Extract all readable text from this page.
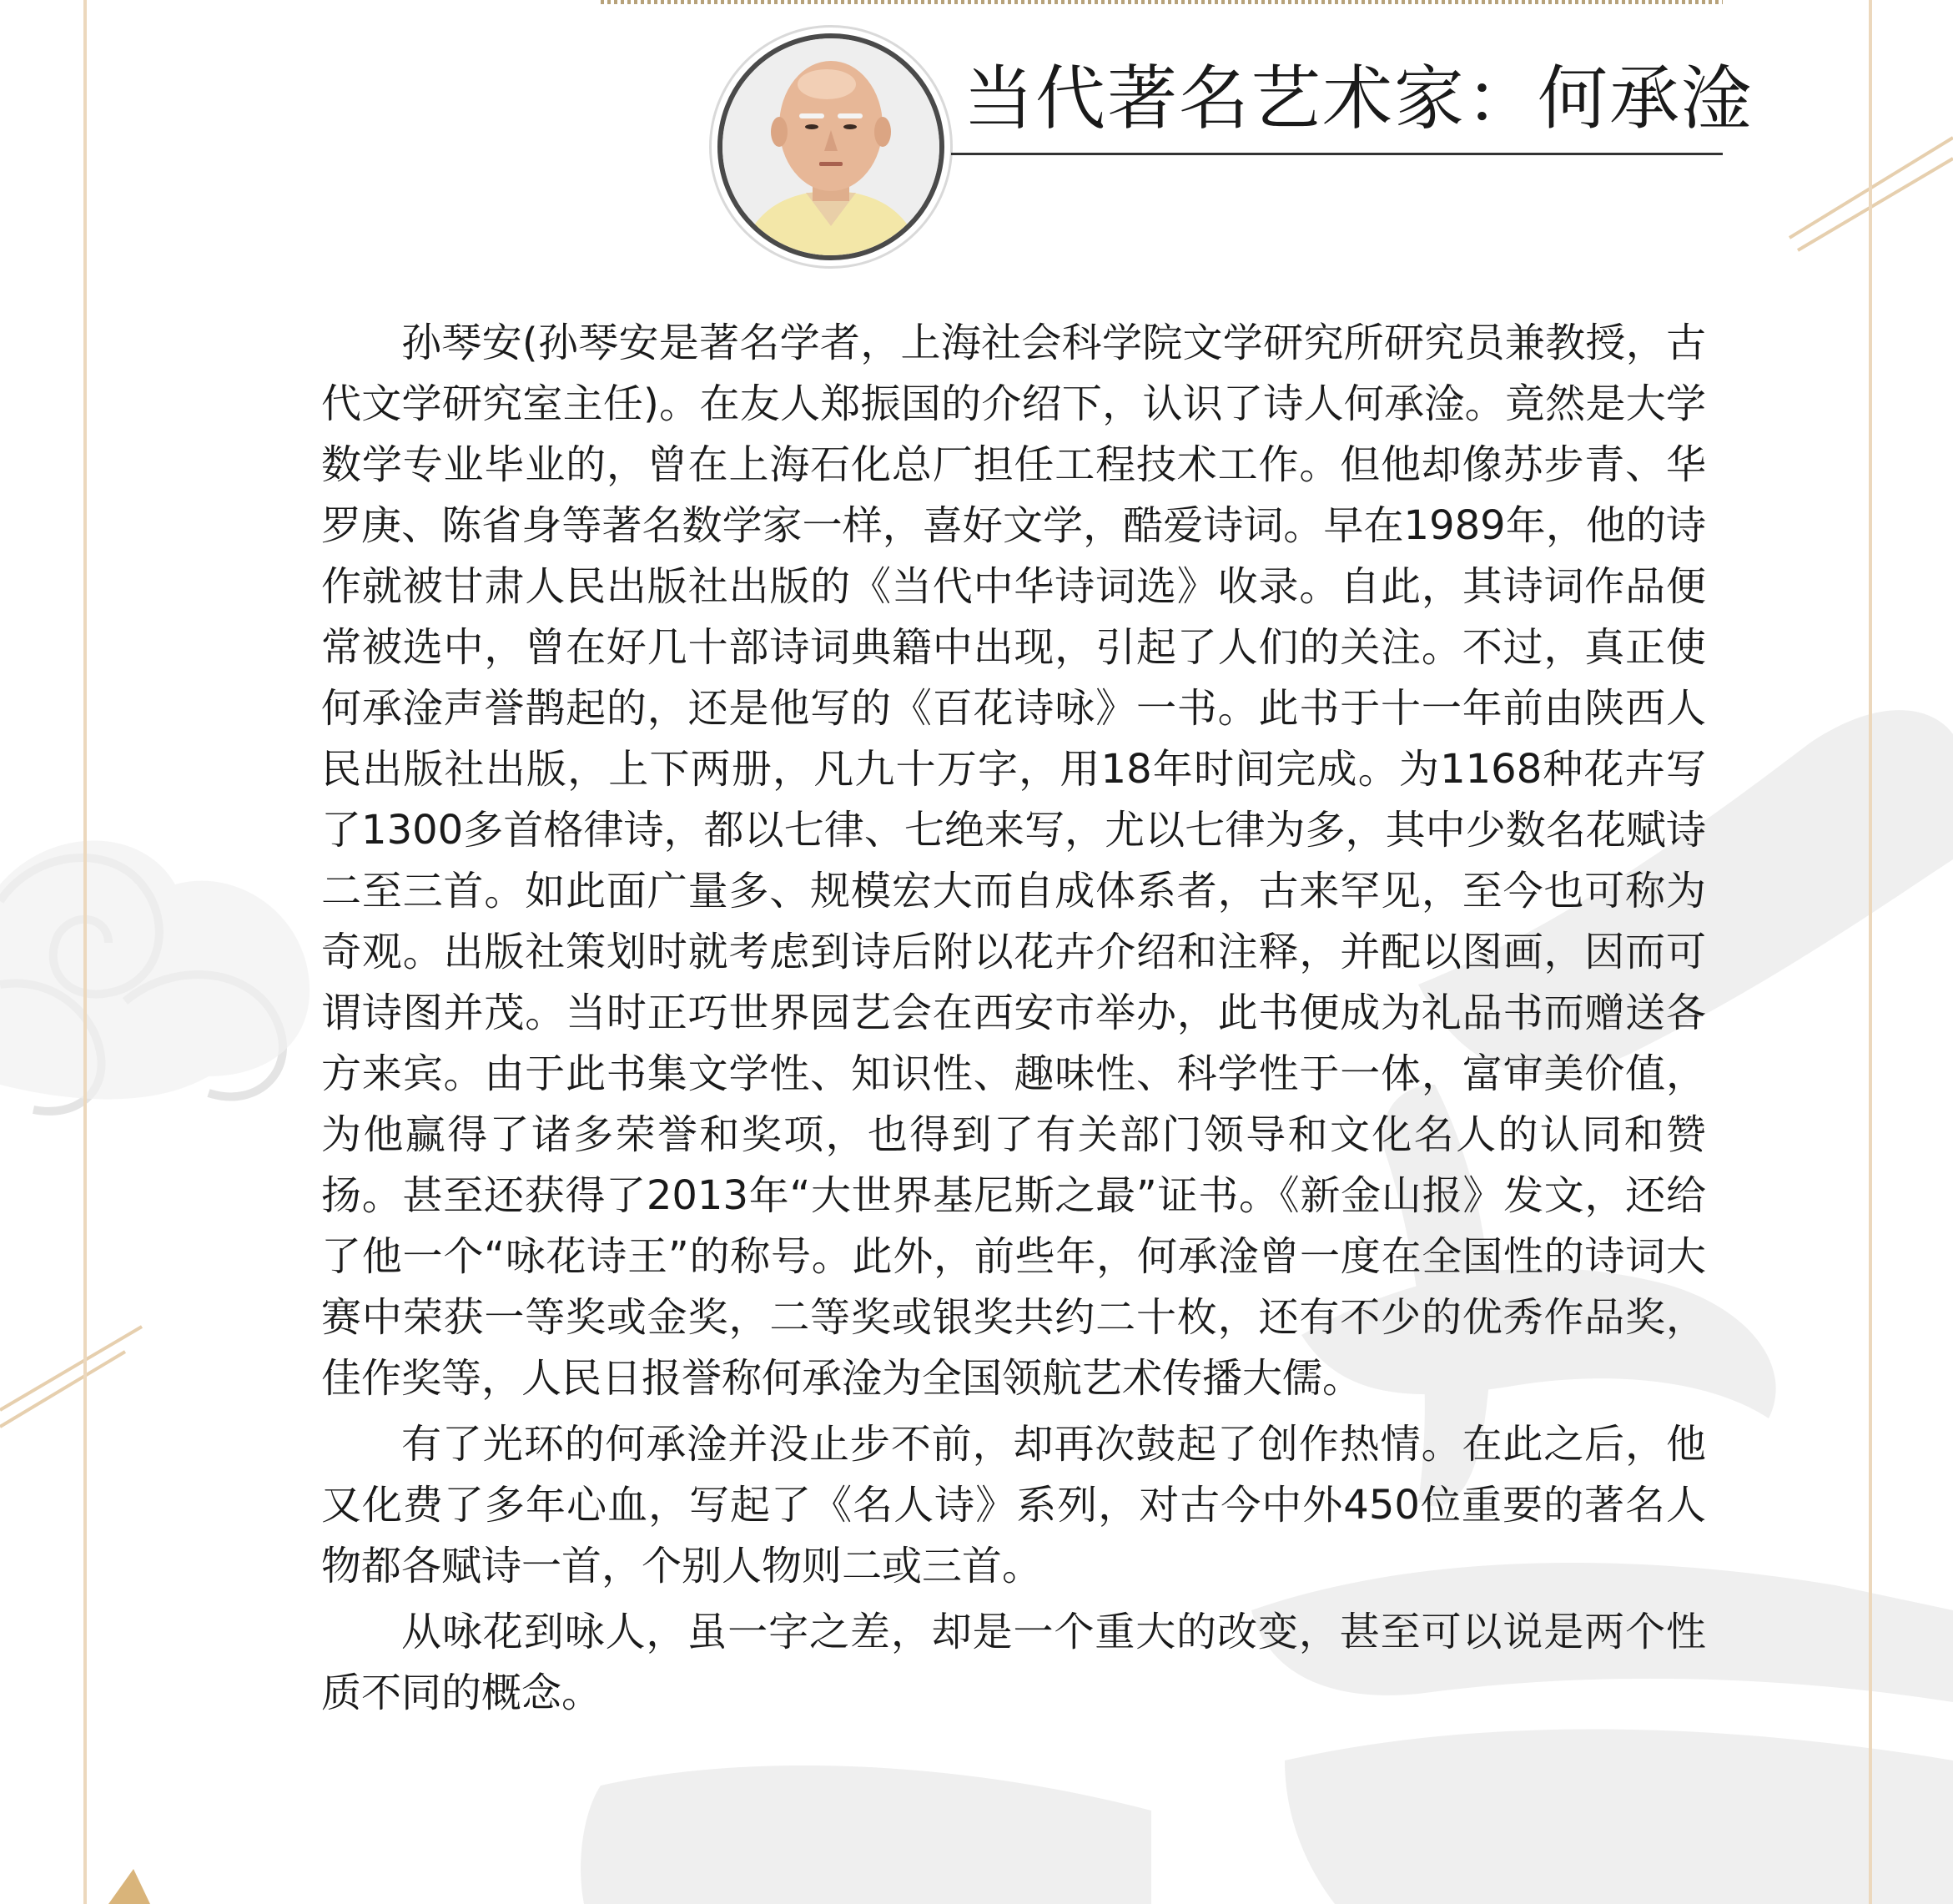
当代著名艺术家：何承淦

孙琴安(孙琴安是著名学者，上海社会科学院文学研究所研究员兼教授，古代文学研究室主任)。在友人郑振国的介绍下，认识了诗人何承淦。竟然是大学数学专业毕业的，曾在上海石化总厂担任工程技术工作。但他却像苏步青、华罗庚、陈省身等著名数学家一样，喜好文学，酷爱诗词。早在1989年，他的诗作就被甘肃人民出版社出版的《当代中华诗词选》收录。自此，其诗词作品便常被选中，曾在好几十部诗词典籍中出现，引起了人们的关注。不过，真正使何承淦声誉鹊起的，还是他写的《百花诗咏》一书。此书于十一年前由陕西人民出版社出版，上下两册，凡九十万字，用18年时间完成。为1168种花卉写了1300多首格律诗，都以七律、七绝来写，尤以七律为多，其中少数名花赋诗二至三首。如此面广量多、规模宏大而自成体系者，古来罕见，至今也可称为奇观。出版社策划时就考虑到诗后附以花卉介绍和注释，并配以图画，因而可谓诗图并茂。当时正巧世界园艺会在西安市举办，此书便成为礼品书而赠送各方来宾。由于此书集文学性、知识性、趣味性、科学性于一体，富审美价值，为他赢得了诸多荣誉和奖项，也得到了有关部门领导和文化名人的认同和赞扬。甚至还获得了2013年“大世界基尼斯之最”证书。《新金山报》发文，还给了他一个“咏花诗王”的称号。此外，前些年，何承淦曾一度在全国性的诗词大赛中荣获一等奖或金奖，二等奖或银奖共约二十枚，还有不少的优秀作品奖，佳作奖等，人民日报誉称何承淦为全国领航艺术传播大儒。

有了光环的何承淦并没止步不前，却再次鼓起了创作热情。在此之后，他又化费了多年心血，写起了《名人诗》系列，对古今中外450位重要的著名人物都各赋诗一首，个别人物则二或三首。

从咏花到咏人，虽一字之差，却是一个重大的改变，甚至可以说是两个性质不同的概念。
